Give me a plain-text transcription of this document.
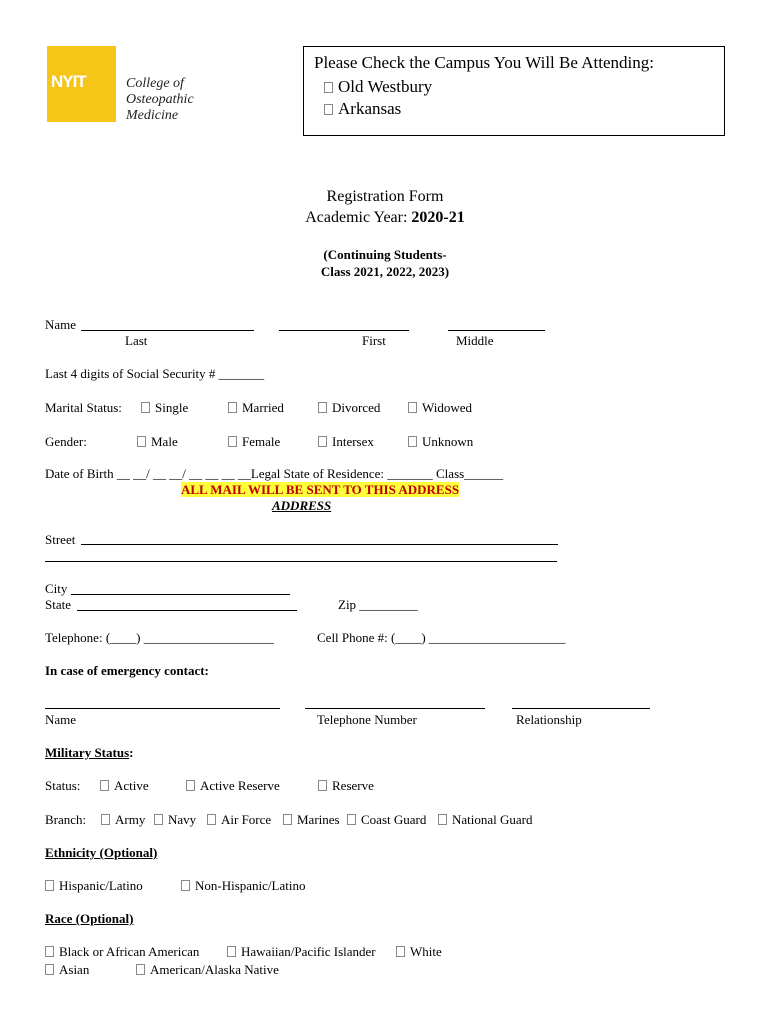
NYIT	College of
Osteopathic
Medicine
Please Check the Campus You Will Be Attending:
Old Westbury
Arkansas
Registration Form
Academic Year: 2020-21
(Continuing Students-
Class 2021, 2022, 2023)
Name
Last	First	Middle
Last 4 digits of Social Security # _______
Marital Status:	Single	Married	Divorced	Widowed
Gender:	Male	Female	Intersex	Unknown
Date of Birth __ __/ __ __/ __ __ __ __Legal State of Residence: _______ Class______
ALL MAIL WILL BE SENT TO THIS ADDRESS
ADDRESS
Street
City
State	Zip _________
Telephone: (____) ____________________	Cell Phone #: (____) _____________________
In case of emergency contact:
Name	Telephone Number	Relationship
Military Status:
Status:	Active	Active Reserve	Reserve
Branch:	Army	Navy	Air Force	Marines	Coast Guard	National Guard
Ethnicity (Optional)
Hispanic/Latino	Non-Hispanic/Latino
Race (Optional)
Black or African American	Hawaiian/Pacific Islander	White
Asian	American/Alaska Native
